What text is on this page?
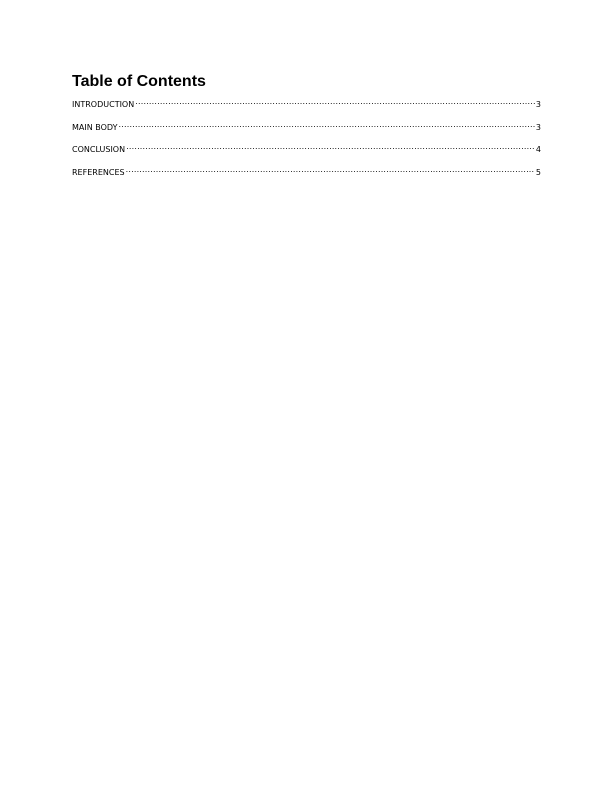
Table of Contents
INTRODUCTION .....	3
MAIN BODY .....	3
CONCLUSION .....	4
REFERENCES .....	5
